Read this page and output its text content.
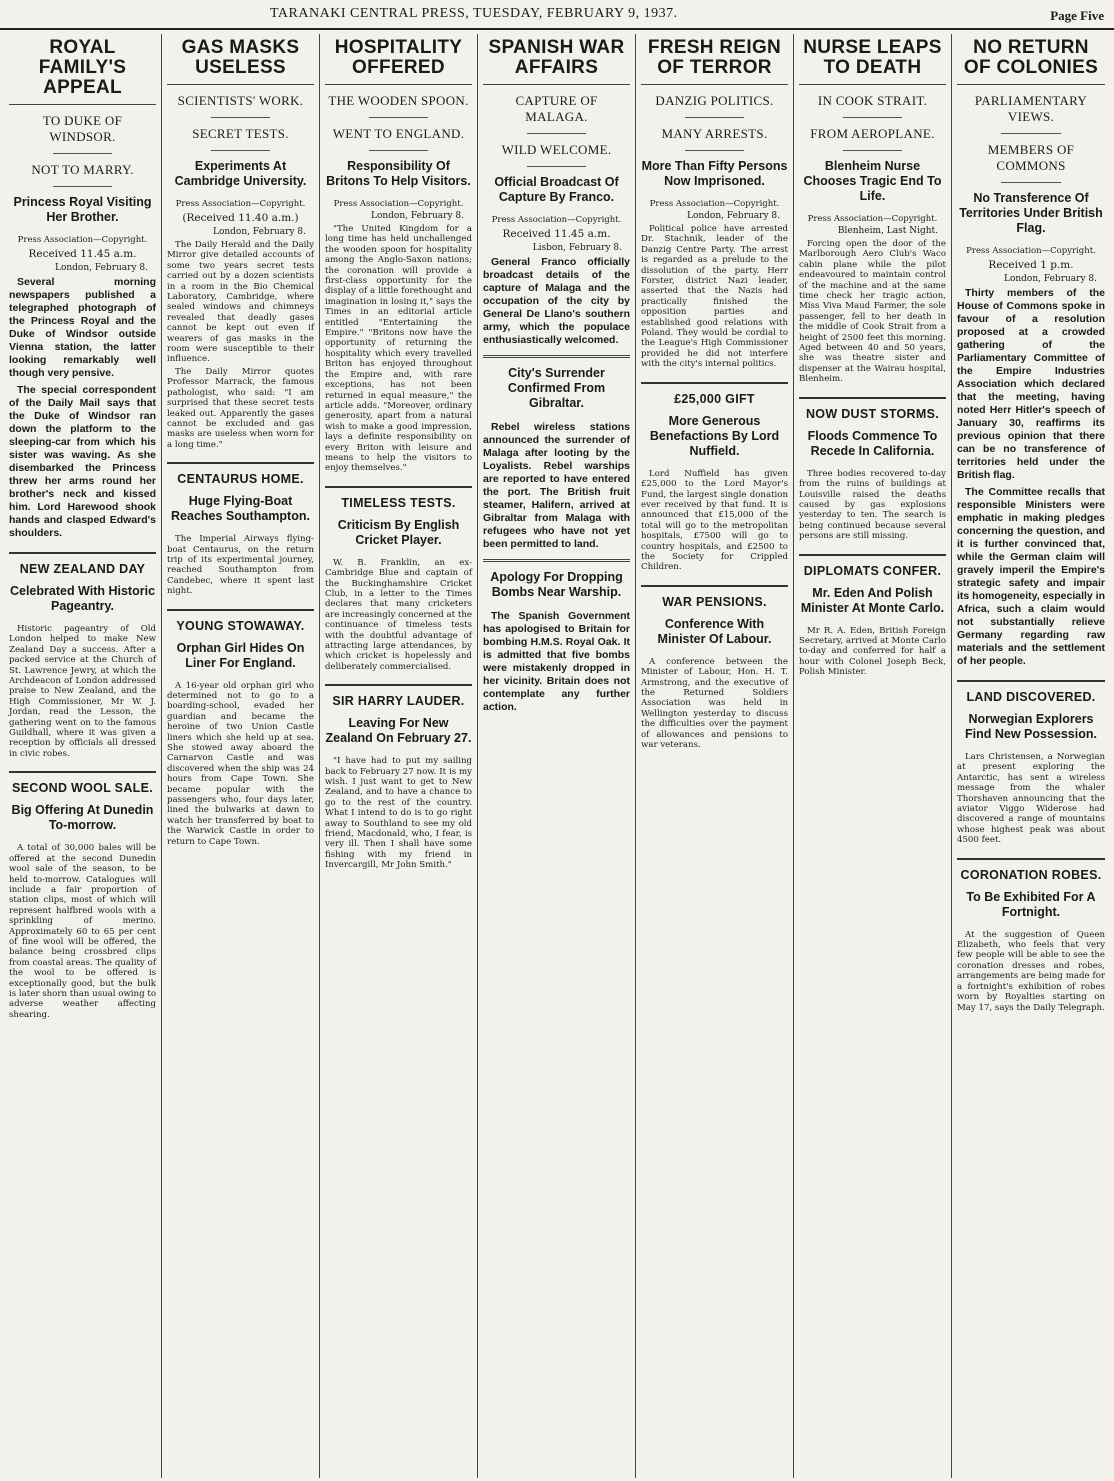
TARANAKI CENTRAL PRESS, TUESDAY, FEBRUARY 9, 1937.	Page Five
ROYAL FAMILY'S APPEAL
TO DUKE OF WINDSOR.
NOT TO MARRY.
Princess Royal Visiting Her Brother.
Press Association—Copyright.
Received 11.45 a.m.
London, February 8.

Several morning newspapers published a telegraphed photograph of the Princess Royal and the Duke of Windsor outside Vienna station, the latter looking remarkably well though very pensive.

The special correspondent of the Daily Mail says that the Duke of Windsor ran down the platform to the sleeping-car from which his sister was waving. As she disembarked the Princess threw her arms round her brother's neck and kissed him. Lord Harewood shook hands and clasped Edward's shoulders.

NEW ZEALAND DAY
Celebrated With Historic Pageantry.

Historic pageantry of Old London helped to make New Zealand Day a success. After a packed service at the Church of St. Lawrence Jewry, at which the Archdeacon of London addressed praise to New Zealand, and the High Commissioner, Mr W. J. Jordan, read the Lesson, the gathering went on to the famous Guildhall, where it was given a reception by officials all dressed in civic robes.

SECOND WOOL SALE.
Big Offering At Dunedin To-morrow.

A total of 30,000 bales will be offered at the second Dunedin wool sale of the season, to be held to-morrow. Catalogues will include a fair proportion of station clips, most of which will represent halfbred wools with a sprinkling of merino. Approximately 60 to 65 per cent of fine wool will be offered, the balance being crossbred clips from coastal areas. The quality of the wool to be offered is exceptionally good, but the bulk is later shorn than usual owing to adverse weather affecting shearing.

GAS MASKS USELESS
SCIENTISTS' WORK.
SECRET TESTS.
Experiments At Cambridge University.
Press Association—Copyright.
(Received 11.40 a.m.)
London, February 8.

The Daily Herald and the Daily Mirror give detailed accounts of some two years secret tests carried out by a dozen scientists in a room in the Bio Chemical Laboratory, Cambridge, where sealed windows and chimneys revealed that deadly gases cannot be kept out even if wearers of gas masks in the room were susceptible to their influence.

The Daily Mirror quotes Professor Marrack, the famous pathologist, who said: "I am surprised that these secret tests leaked out. Apparently the gases cannot be excluded and gas masks are useless when worn for a long time."

CENTAURUS HOME.
Huge Flying-Boat Reaches Southampton.

The Imperial Airways flying-boat Centaurus, on the return trip of its experimental journey, reached Southampton from Candebec, where it spent last night.

YOUNG STOWAWAY.
Orphan Girl Hides On Liner For England.

A 16-year old orphan girl who determined not to go to a boarding-school, evaded her guardian and became the heroine of two Union Castle liners which she held up at sea. She stowed away aboard the Carnarvon Castle and was discovered when the ship was 24 hours from Cape Town. She became popular with the passengers who, four days later, lined the bulwarks at dawn to watch her transferred by boat to the Warwick Castle in order to return to Cape Town.

HOSPITALITY OFFERED
THE WOODEN SPOON.
WENT TO ENGLAND.
Responsibility Of Britons To Help Visitors.
Press Association—Copyright.
London, February 8.

"The United Kingdom for a long time has held unchallenged the wooden spoon for hospitality among the Anglo-Saxon nations; the coronation will provide a first-class opportunity for the display of a little forethought and imagination in losing it," says the Times in an editorial article entitled "Entertaining the Empire." "Britons now have the opportunity of returning the hospitality which every travelled Briton has enjoyed throughout the Empire and, with rare exceptions, has not been returned in equal measure," the article adds. "Moreover, ordinary generosity, apart from a natural wish to make a good impression, lays a definite responsibility on every Briton with leisure and means to help the visitors to enjoy themselves."

TIMELESS TESTS.
Criticism By English Cricket Player.

W. B. Franklin, an ex-Cambridge Blue and captain of the Buckinghamshire Cricket Club, in a letter to the Times declares that many cricketers are increasingly concerned at the continuance of timeless tests with the doubtful advantage of attracting large attendances, by which cricket is hopelessly and deliberately commercialised.

SIR HARRY LAUDER.
Leaving For New Zealand On February 27.

"I have had to put my sailing back to February 27 now. It is my wish. I just want to get to New Zealand, and to have a chance to go to the rest of the country. What I intend to do is to go right away to Southland to see my old friend, Macdonald, who, I fear, is very ill. Then I shall have some fishing with my friend in Invercargill, Mr John Smith."

SPANISH WAR AFFAIRS
CAPTURE OF MALAGA.
WILD WELCOME.
Official Broadcast Of Capture By Franco.
Press Association—Copyright.
Received 11.45 a.m.
Lisbon, February 8.

General Franco officially broadcast details of the capture of Malaga and the occupation of the city by General De Llano's southern army, which the populace enthusiastically welcomed.

City's Surrender Confirmed From Gibraltar.

Rebel wireless stations announced the surrender of Malaga after looting by the Loyalists. Rebel warships are reported to have entered the port. The British fruit steamer, Halifern, arrived at Gibraltar from Malaga with refugees who have not yet been permitted to land.

Apology For Dropping Bombs Near Warship.

The Spanish Government has apologised to Britain for bombing H.M.S. Royal Oak. It is admitted that five bombs were mistakenly dropped in her vicinity. Britain does not contemplate any further action.

FRESH REIGN OF TERROR
DANZIG POLITICS.
MANY ARRESTS.
More Than Fifty Persons Now Imprisoned.
Press Association—Copyright.
London, February 8.

Political police have arrested Dr. Stachnik, leader of the Danzig Centre Party. The arrest is regarded as a prelude to the dissolution of the party. Herr Forster, district Nazi leader, asserted that the Nazis had practically finished the opposition parties and established good relations with Poland. They would be cordial to the League's High Commissioner provided he did not interfere with the city's internal politics.

£25,000 GIFT
More Generous Benefactions By Lord Nuffield.

Lord Nuffield has given £25,000 to the Lord Mayor's Fund, the largest single donation ever received by that fund. It is announced that £15,000 of the total will go to the metropolitan hospitals, £7500 will go to country hospitals, and £2500 to the Society for Crippled Children.

WAR PENSIONS.
Conference With Minister Of Labour.

A conference between the Minister of Labour, Hon. H. T. Armstrong, and the executive of the Returned Soldiers Association was held in Wellington yesterday to discuss the difficulties over the payment of allowances and pensions to war veterans.

NURSE LEAPS TO DEATH
IN COOK STRAIT.
FROM AEROPLANE.
Blenheim Nurse Chooses Tragic End To Life.
Press Association—Copyright.
Blenheim, Last Night.

Forcing open the door of the Marlborough Aero Club's Waco cabin plane while the pilot endeavoured to maintain control of the machine and at the same time check her tragic action, Miss Viva Maud Farmer, the sole passenger, fell to her death in the middle of Cook Strait from a height of 2500 feet this morning. Aged between 40 and 50 years, she was theatre sister and dispenser at the Wairau hospital, Blenheim.

NOW DUST STORMS.
Floods Commence To Recede In California.

Three bodies recovered to-day from the ruins of buildings at Louisville raised the deaths caused by gas explosions yesterday to ten. The search is being continued because several persons are still missing.

DIPLOMATS CONFER.
Mr. Eden And Polish Minister At Monte Carlo.

Mr R. A. Eden, British Foreign Secretary, arrived at Monte Carlo to-day and conferred for half a hour with Colonel Joseph Beck, Polish Minister.

NO RETURN OF COLONIES
PARLIAMENTARY VIEWS.
MEMBERS OF COMMONS
No Transference Of Territories Under British Flag.
Press Association—Copyright.
Received 1 p.m.
London, February 8.

Thirty members of the House of Commons spoke in favour of a resolution proposed at a crowded gathering of the Parliamentary Committee of the Empire Industries Association which declared that the meeting, having noted Herr Hitler's speech of January 30, reaffirms its previous opinion that there can be no transference of territories held under the British flag.

The Committee recalls that responsible Ministers were emphatic in making pledges concerning the question, and it is further convinced that, while the German claim will gravely imperil the Empire's strategic safety and impair its homogeneity, especially in Africa, such a claim would not substantially relieve Germany regarding raw materials and the settlement of her people.

LAND DISCOVERED.
Norwegian Explorers Find New Possession.

Lars Christensen, a Norwegian at present exploring the Antarctic, has sent a wireless message from the whaler Thorshaven announcing that the aviator Viggo Widerose had discovered a range of mountains whose highest peak was about 4500 feet.

CORONATION ROBES.
To Be Exhibited For A Fortnight.

At the suggestion of Queen Elizabeth, who feels that very few people will be able to see the coronation dresses and robes, arrangements are being made for a fortnight's exhibition of robes worn by Royalties starting on May 17, says the Daily Telegraph.
